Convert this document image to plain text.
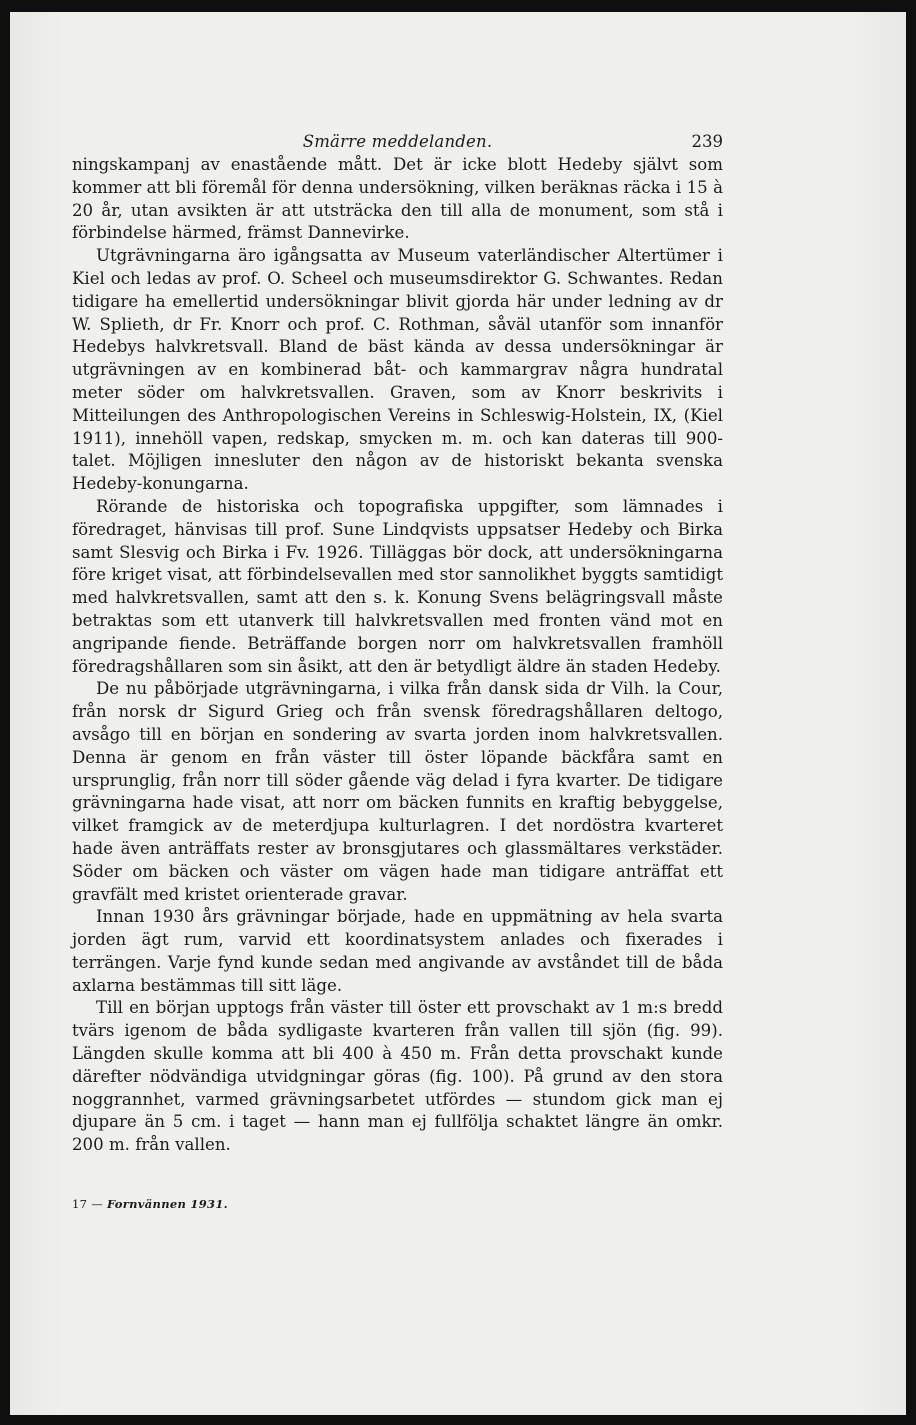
Smärre meddelanden.	239

ningskampanj av enastående mått. Det är icke blott Hedeby självt som kommer att bli föremål för denna undersökning, vilken beräknas räcka i 15 à 20 år, utan avsikten är att utsträcka den till alla de monument, som stå i förbindelse härmed, främst Dannevirke.

Utgrävningarna äro igångsatta av Museum vaterländischer Altertümer i Kiel och ledas av prof. O. Scheel och museumsdirektor G. Schwantes. Redan tidigare ha emellertid undersökningar blivit gjorda här under ledning av dr W. Splieth, dr Fr. Knorr och prof. C. Rothman, såväl utanför som innanför Hedebys halvkretsvall. Bland de bäst kända av dessa undersökningar är utgrävningen av en kombinerad båt- och kammargrav några hundratal meter söder om halvkretsvallen. Graven, som av Knorr beskrivits i Mitteilungen des Anthropologischen Vereins in Schleswig-Holstein, IX, (Kiel 1911), innehöll vapen, redskap, smycken m. m. och kan dateras till 900-talet. Möjligen innesluter den någon av de historiskt bekanta svenska Hedeby-konungarna.

Rörande de historiska och topografiska uppgifter, som lämnades i föredraget, hänvisas till prof. Sune Lindqvists uppsatser Hedeby och Birka samt Slesvig och Birka i Fv. 1926. Tilläggas bör dock, att undersökningarna före kriget visat, att förbindelsevallen med stor sannolikhet byggts samtidigt med halvkretsvallen, samt att den s. k. Konung Svens belägringsvall måste betraktas som ett utanverk till halvkretsvallen med fronten vänd mot en angripande fiende. Beträffande borgen norr om halvkretsvallen framhöll föredragshållaren som sin åsikt, att den är betydligt äldre än staden Hedeby.

De nu påbörjade utgrävningarna, i vilka från dansk sida dr Vilh. la Cour, från norsk dr Sigurd Grieg och från svensk föredragshållaren deltogo, avsågo till en början en sondering av svarta jorden inom halvkretsvallen. Denna är genom en från väster till öster löpande bäckfåra samt en ursprunglig, från norr till söder gående väg delad i fyra kvarter. De tidigare grävningarna hade visat, att norr om bäcken funnits en kraftig bebyggelse, vilket framgick av de meterdjupa kulturlagren. I det nordöstra kvarteret hade även anträffats rester av bronsgjutares och glassmältares verkstäder. Söder om bäcken och väster om vägen hade man tidigare anträffat ett gravfält med kristet orienterade gravar.

Innan 1930 års grävningar började, hade en uppmätning av hela svarta jorden ägt rum, varvid ett koordinatsystem anlades och fixerades i terrängen. Varje fynd kunde sedan med angivande av avståndet till de båda axlarna bestämmas till sitt läge.

Till en början upptogs från väster till öster ett provschakt av 1 m:s bredd tvärs igenom de båda sydligaste kvarteren från vallen till sjön (fig. 99). Längden skulle komma att bli 400 à 450 m. Från detta provschakt kunde därefter nödvändiga utvidgningar göras (fig. 100). På grund av den stora noggrannhet, varmed grävningsarbetet utfördes — stundom gick man ej djupare än 5 cm. i taget — hann man ej fullfölja schaktet längre än omkr. 200 m. från vallen.

17 — Fornvännen 1931.
